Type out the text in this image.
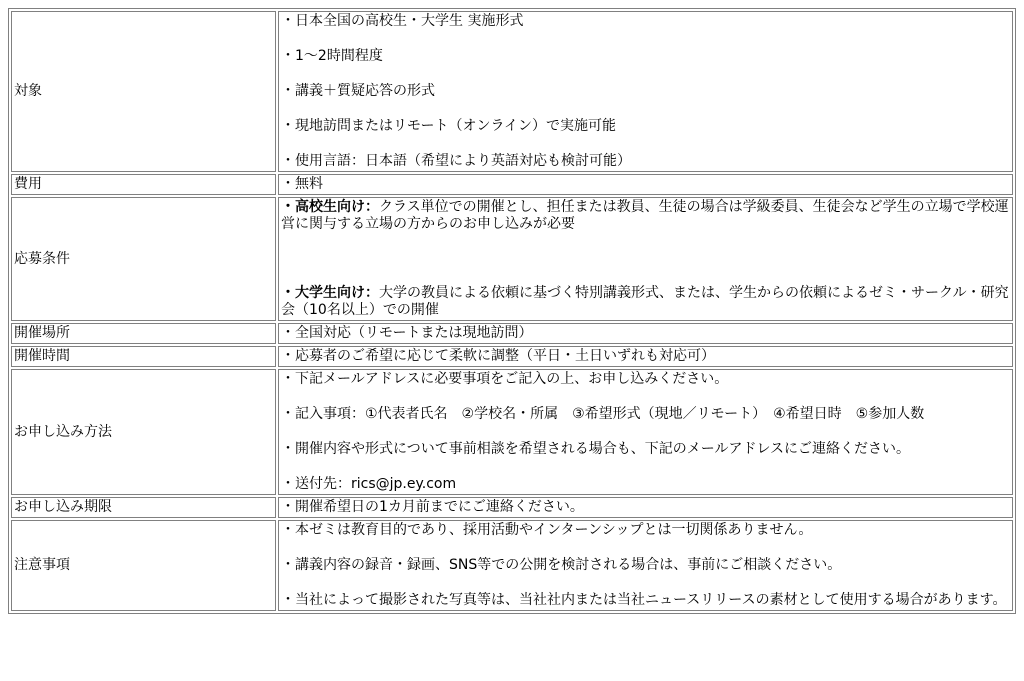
対象	・日本全国の高校生・大学生 実施形式

・1〜2時間程度

・講義＋質疑応答の形式

・現地訪問またはリモート（オンライン）で実施可能

・使用言語：日本語（希望により英語対応も検討可能）

費用	・無料

応募条件	・高校生向け：クラス単位での開催とし、担任または教員、生徒の場合は学級委員、生徒会など学生の立場で学校運営に関与する立場の方からのお申し込みが必要

・大学生向け：大学の教員による依頼に基づく特別講義形式、または、学生からの依頼によるゼミ・サークル・研究会（10名以上）での開催

開催場所	・全国対応（リモートまたは現地訪問）

開催時間	・応募者のご希望に応じて柔軟に調整（平日・土日いずれも対応可）

お申し込み方法	・下記メールアドレスに必要事項をご記入の上、お申し込みください。

・記入事項：①代表者氏名　②学校名・所属　③希望形式（現地／リモート）　④希望日時　⑤参加人数

・開催内容や形式について事前相談を希望される場合も、下記のメールアドレスにご連絡ください。

・送付先：rics@jp.ey.com

お申し込み期限	・開催希望日の1カ月前までにご連絡ください。

注意事項	・本ゼミは教育目的であり、採用活動やインターンシップとは一切関係ありません。

・講義内容の録音・録画、SNS等での公開を検討される場合は、事前にご相談ください。

・当社によって撮影された写真等は、当社社内または当社ニュースリリースの素材として使用する場合があります。
